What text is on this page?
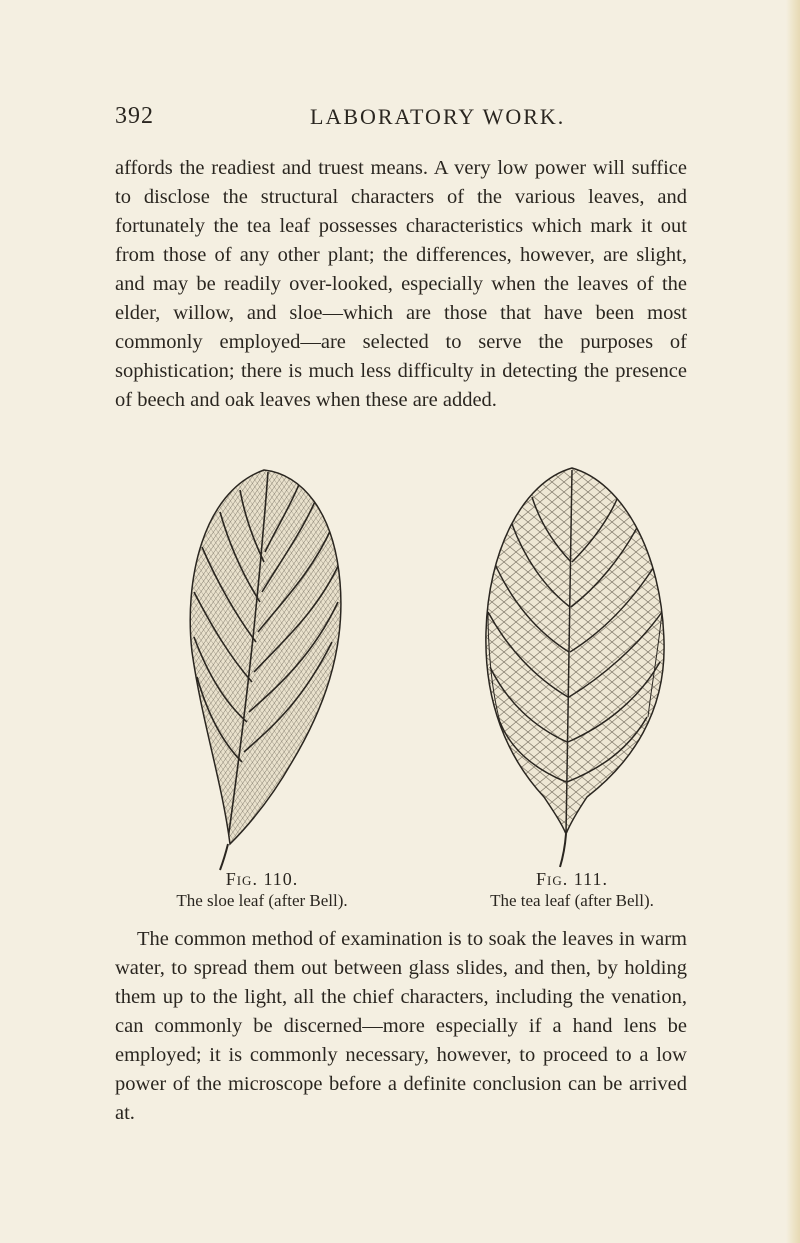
392	LABORATORY WORK.

affords the readiest and truest means. A very low power will suffice to disclose the structural characters of the various leaves, and fortunately the tea leaf possesses characteristics which mark it out from those of any other plant; the differences, however, are slight, and may be readily over-looked, especially when the leaves of the elder, willow, and sloe—which are those that have been most commonly employed—are selected to serve the purposes of sophistication; there is much less difficulty in detecting the presence of beech and oak leaves when these are added.

Fig. 110.
The sloe leaf (after Bell).

Fig. 111.
The tea leaf (after Bell).

The common method of examination is to soak the leaves in warm water, to spread them out between glass slides, and then, by holding them up to the light, all the chief characters, including the venation, can commonly be discerned—more especially if a hand lens be employed; it is commonly necessary, however, to proceed to a low power of the microscope before a definite conclusion can be arrived at.
